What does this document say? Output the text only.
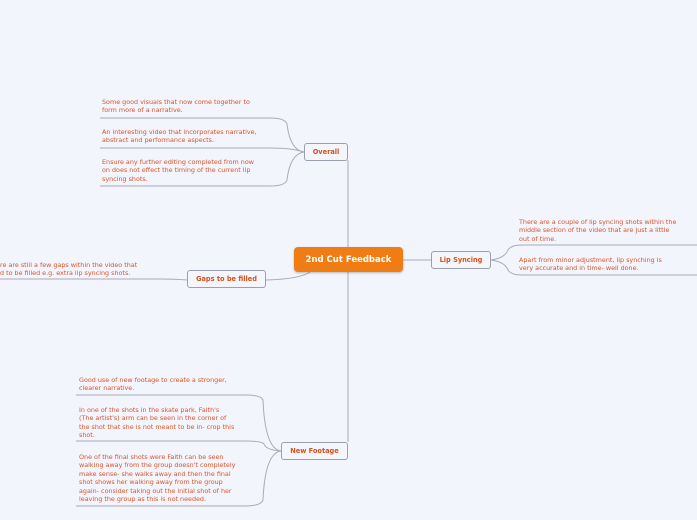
2nd Cut Feedback
Overall
Lip Syncing
Gaps to be filled
New Footage
Some good visuals that now come together to
form more of a narrative.
An interesting video that incorporates narrative,
abstract and performance aspects.
Ensure any further editing completed from now
on does not effect the timing of the current lip
syncing shots.
There are a couple of lip syncing shots within the
middle section of the video that are just a little
out of time.
Apart from minor adjustment, lip synching is
very accurate and in time- well done.
re are still a few gaps within the video that
d to be filled e.g. extra lip syncing shots.
Good use of new footage to create a stronger,
clearer narrative.
In one of the shots in the skate park, Faith's
(The artist's) arm can be seen in the corner of
the shot that she is not meant to be in- crop this
shot.
One of the final shots were Faith can be seen
walking away from the group doesn't completely
make sense- she walks away and then the final
shot shows her walking away from the group
again- consider taking out the initial shot of her
leaving the group as this is not needed.
